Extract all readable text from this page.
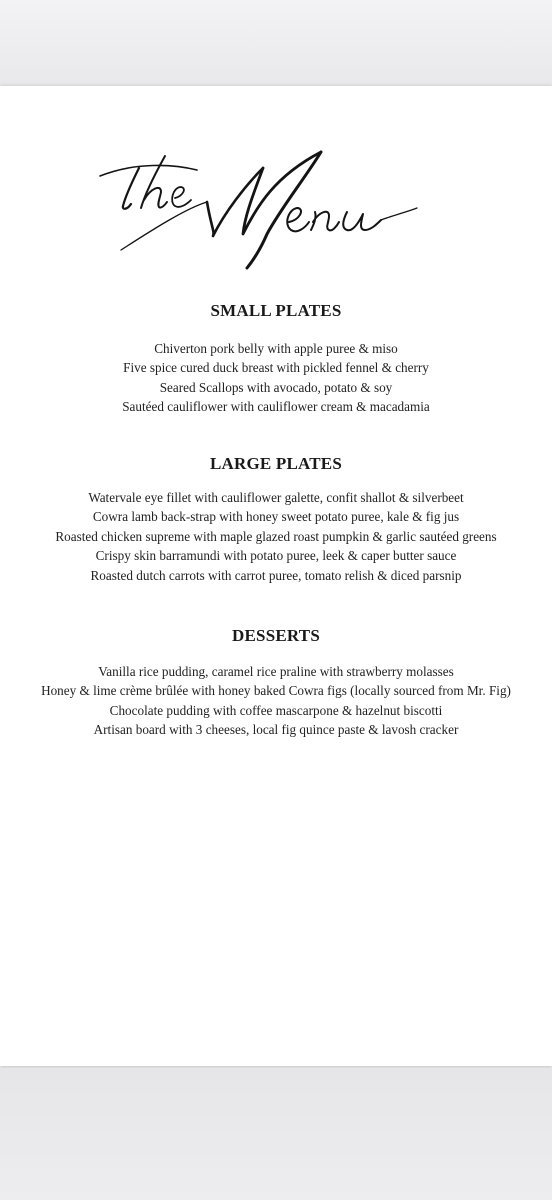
SMALL PLATES
Chiverton pork belly with apple puree & miso
Five spice cured duck breast with pickled fennel & cherry
Seared Scallops with avocado, potato & soy
Sautéed cauliflower with cauliflower cream & macadamia
LARGE PLATES
Watervale eye fillet with cauliflower galette, confit shallot & silverbeet
Cowra lamb back-strap with honey sweet potato puree, kale & fig jus
Roasted chicken supreme with maple glazed roast pumpkin & garlic sautéed greens
Crispy skin barramundi with potato puree, leek & caper butter sauce
Roasted dutch carrots with carrot puree, tomato relish & diced parsnip
DESSERTS
Vanilla rice pudding, caramel rice praline with strawberry molasses
Honey & lime crème brûlée with honey baked Cowra figs (locally sourced from Mr. Fig)
Chocolate pudding with coffee mascarpone & hazelnut biscotti
Artisan board with 3 cheeses, local fig quince paste & lavosh cracker
